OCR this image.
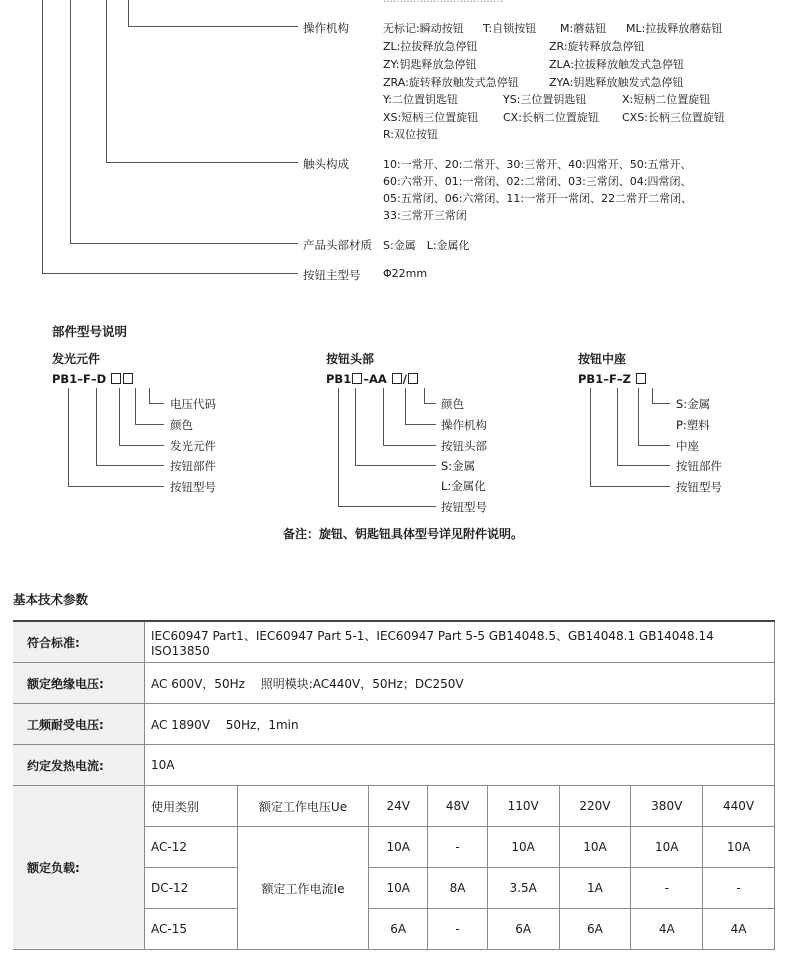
操作机构	无标记:瞬动按钮 T:自锁按钮 M:蘑菇钮 ML:拉拔释放蘑菇钮
ZL:拉拔释放急停钮	ZR:旋转释放急停钮
ZY:钥匙释放急停钮	ZLA:拉拔释放触发式急停钮
ZRA:旋转释放触发式急停钮	ZYA:钥匙释放触发式急停钮
Y:二位置钥匙钮	YS:三位置钥匙钮	X:短柄二位置旋钮
XS:短柄三位置旋钮 CX:长柄二位置旋钮 CXS:长柄三位置旋钮
R:双位按钮
触头构成	10:一常开、20:二常开、30:三常开、40:四常开、50:五常开、
60:六常开、01:一常闭、02:二常闭、03:三常闭、04:四常闭、
05:五常闭、06:六常闭、11:一常开一常闭、22二常开二常闭、
33:三常开三常闭
产品头部材质 S:金属　L:金属化
按钮主型号 Φ22mm
部件型号说明
发光元件
PB1–F–D
电压代码
颜色
发光元件
按钮部件
按钮型号
按钮头部
PB1 –AA /
颜色
操作机构
按钮头部
S:金属
L:金属化
按钮型号
按钮中座
PB1–F–Z
S:金属
P:塑料
中座
按钮部件
按钮型号
备注：旋钮、钥匙钮具体型号详见附件说明。
基本技术参数
符合标准:	IEC60947 Part1、IEC60947 Part 5-1、IEC60947 Part 5-5 GB14048.5、GB14048.1 GB14048.14 ISO13850							
额定绝缘电压:	AC 600V，50Hz　 照明模块:AC440V，50Hz；DC250V							
工频耐受电压:	AC 1890V　 50Hz，1min							
约定发热电流:	10A							
额定负载:	使用类别	额定工作电压Ue	24V	48V	110V	220V	380V	440V
	AC-12	额定工作电流Ie	10A	-	10A	10A	10A	10A
	DC-12		10A	8A	3.5A	1A	-	-
	AC-15		6A	-	6A	6A	4A	4A
